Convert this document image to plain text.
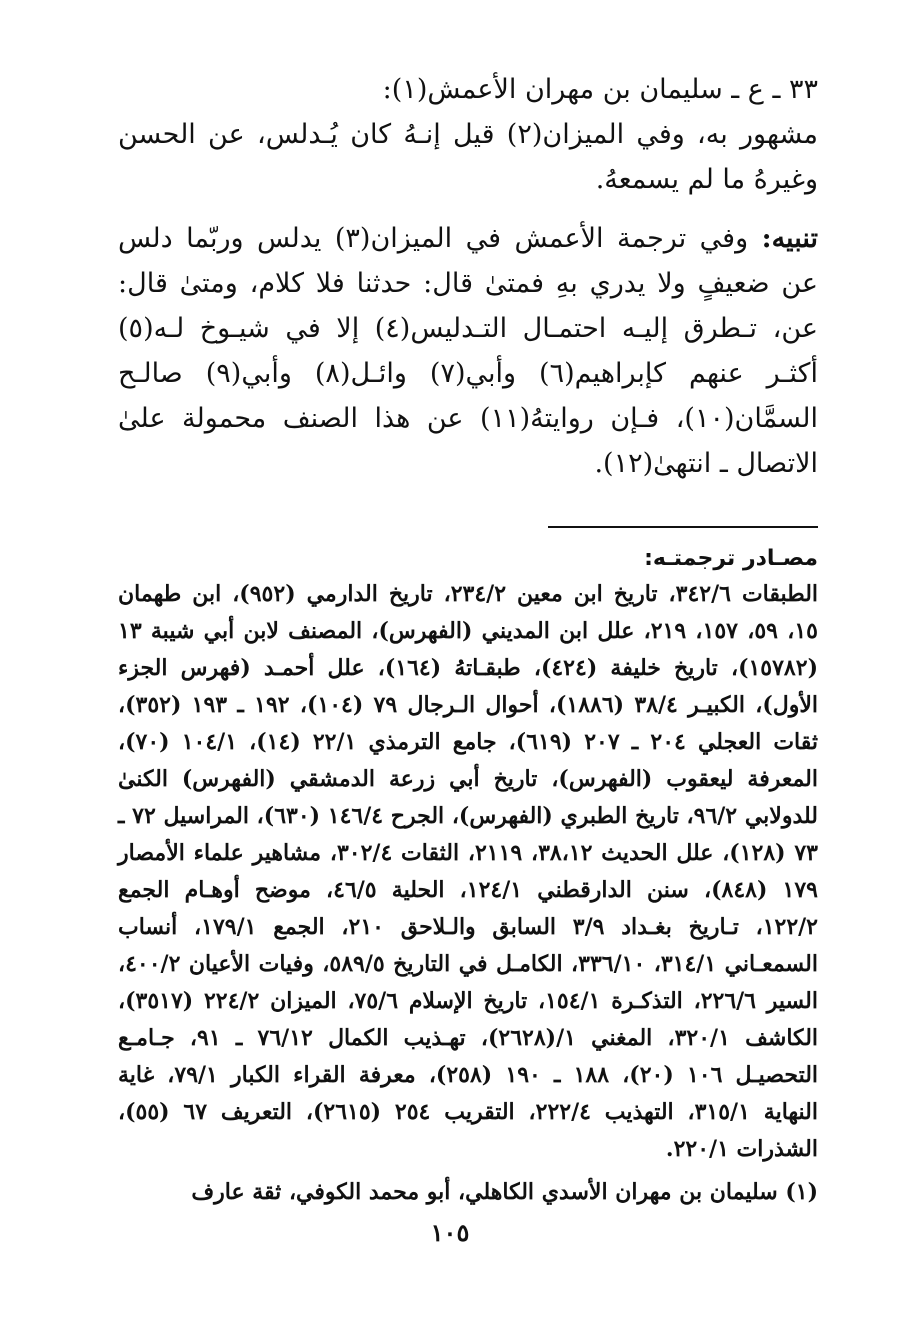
٣٣ ـ ع ـ سليمان بن مهران الأعمش(١):

مشهور به، وفي الميزان(٢) قيل إنـهُ كان يُـدلس، عن الحسن وغيرهُ ما لم يسمعهُ.

تنبيه: وفي ترجمة الأعمش في الميزان(٣) يدلس وربّما دلس عن ضعيفٍ ولا يدري بهِ فمتىٰ قال: حدثنا فلا كلام، ومتىٰ قال: عن، تـطرق إليـه احتمـال التـدليس(٤) إلا في شيـوخ لـه(٥) أكثـر عنهم كإبراهيم(٦) وأبي(٧) وائـل(٨) وأبي(٩) صالـح السمَّان(١٠)، فـإن روايتهُ(١١) عن هذا الصنف محمولة علىٰ الاتصال ـ انتهىٰ(١٢).

مصـادر ترجمتـه:

الطبقات ٣٤٢/٦، تاريخ ابن معين ٢٣٤/٢، تاريخ الدارمي (٩٥٢)، ابن طهمان ١٥، ٥٩، ١٥٧، ٢١٩، علل ابن المديني (الفهرس)، المصنف لابن أبي شيبة ١٣ (١٥٧٨٢)، تاريخ خليفة (٤٢٤)، طبقـاتهُ (١٦٤)، علل أحمـد (فهرس الجزء الأول)، الكبيـر ٣٨/٤ (١٨٨٦)، أحوال الـرجال ٧٩ (١٠٤)، ١٩٢ ـ ١٩٣ (٣٥٢)، ثقات العجلي ٢٠٤ ـ ٢٠٧ (٦١٩)، جامع الترمذي ٢٢/١ (١٤)، ١٠٤/١ (٧٠)، المعرفة ليعقوب (الفهرس)، تاريخ أبي زرعة الدمشقي (الفهرس) الكنىٰ للدولابي ٩٦/٢، تاريخ الطبري (الفهرس)، الجرح ١٤٦/٤ (٦٣٠)، المراسيل ٧٢ ـ ٧٣ (١٢٨)، علل الحديث ٣٨،١٢، ٢١١٩، الثقات ٣٠٢/٤، مشاهير علماء الأمصار ١٧٩ (٨٤٨)، سنن الدارقطني ١٢٤/١، الحلية ٤٦/٥، موضح أوهـام الجمع ١٢٢/٢، تـاريخ بغـداد ٣/٩ السابق والـلاحق ٢١٠، الجمع ١٧٩/١، أنساب السمعـاني ٣١٤/١، ٣٣٦/١٠، الكامـل في التاريخ ٥٨٩/٥، وفيات الأعيان ٤٠٠/٢، السير ٢٢٦/٦، التذكـرة ١٥٤/١، تاريخ الإسلام ٧٥/٦، الميزان ٢٢٤/٢ (٣٥١٧)، الكاشف ٣٢٠/١، المغني ١/(٢٦٢٨)، تهـذيب الكمال ٧٦/١٢ ـ ٩١، جـامـع التحصيـل ١٠٦ (٢٠)، ١٨٨ ـ ١٩٠ (٢٥٨)، معرفة القراء الكبار ٧٩/١، غاية النهاية ٣١٥/١، التهذيب ٢٢٢/٤، التقريب ٢٥٤ (٢٦١٥)، التعريف ٦٧ (٥٥)، الشذرات ٢٢٠/١.

(١) سليمان بن مهران الأسدي الكاهلي، أبو محمد الكوفي، ثقة عارف

١٠٥
